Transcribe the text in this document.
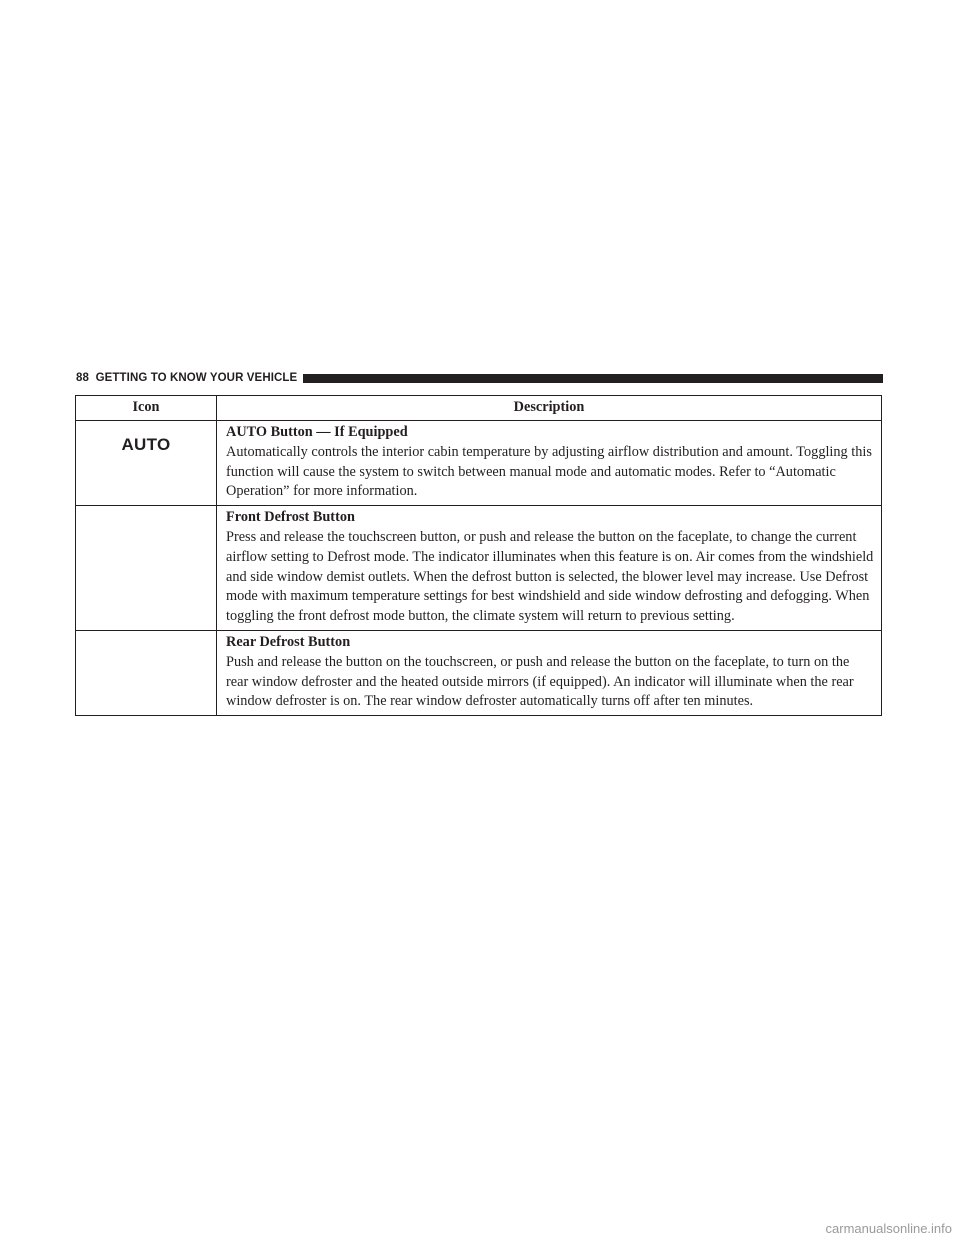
88 GETTING TO KNOW YOUR VEHICLE
Icon	Description

AUTO	AUTO Button — If Equipped
Automatically controls the interior cabin temperature by adjusting airflow distribution and amount. Toggling this function will cause the system to switch between manual mode and automatic modes. Refer to “Automatic Operation” for more information.

	Front Defrost Button
Press and release the touchscreen button, or push and release the button on the faceplate, to change the current airflow setting to Defrost mode. The indicator illuminates when this feature is on. Air comes from the windshield and side window demist outlets. When the defrost button is selected, the blower level may increase. Use Defrost mode with maximum temperature settings for best windshield and side window defrosting and defogging. When toggling the front defrost mode button, the climate system will return to previous setting.

	Rear Defrost Button
Push and release the button on the touchscreen, or push and release the button on the faceplate, to turn on the rear window defroster and the heated outside mirrors (if equipped). An indicator will illuminate when the rear window defroster is on. The rear window defroster automatically turns off after ten minutes.
carmanualsonline.info
